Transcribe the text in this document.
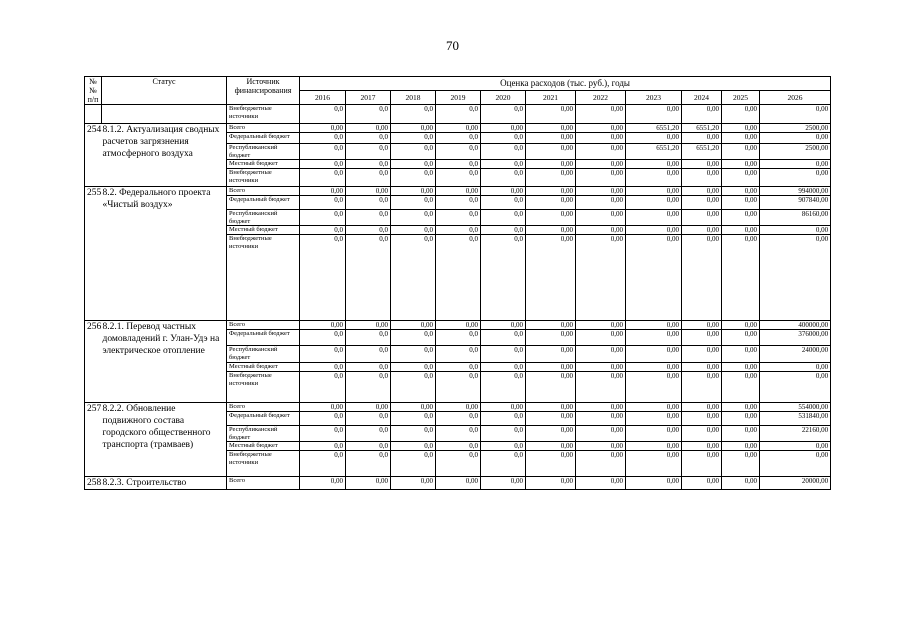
70
№ № п/п	Статус	Источник финансирования	Оценка расходов (тыс. руб.), годы										
			2016	2017	2018	2019	2020	2021	2022	2023	2024	2025	2026
		Внебюджетные источники	0,0	0,0	0,0	0,0	0,0	0,00	0,00	0,00	0,00	0,00	0,00
254	8.1.2. Актуализация сводных расчетов загрязнения атмосферного воздуха	Всего	0,00	0,00	0,00	0,00	0,00	0,00	0,00	6551,20	6551,20	0,00	2500,00
		Федеральный бюджет	0,0	0,0	0,0	0,0	0,0	0,00	0,00	0,00	0,00	0,00	0,00
		Республиканский бюджет	0,0	0,0	0,0	0,0	0,0	0,00	0,00	6551,20	6551,20	0,00	2500,00
		Местный бюджет	0,0	0,0	0,0	0,0	0,0	0,00	0,00	0,00	0,00	0,00	0,00
		Внебюджетные источники	0,0	0,0	0,0	0,0	0,0	0,00	0,00	0,00	0,00	0,00	0,00
255	8.2. Федерального проекта «Чистый воздух»	Всего	0,00	0,00	0,00	0,00	0,00	0,00	0,00	0,00	0,00	0,00	994000,00
		Федеральный бюджет	0,0	0,0	0,0	0,0	0,0	0,00	0,00	0,00	0,00	0,00	907840,00
		Республиканский бюджет	0,0	0,0	0,0	0,0	0,0	0,00	0,00	0,00	0,00	0,00	86160,00
		Местный бюджет	0,0	0,0	0,0	0,0	0,0	0,00	0,00	0,00	0,00	0,00	0,00
		Внебюджетные источники	0,0	0,0	0,0	0,0	0,0	0,00	0,00	0,00	0,00	0,00	0,00
256	8.2.1. Перевод частных домовладений г. Улан-Удэ на электрическое отопление	Всего	0,00	0,00	0,00	0,00	0,00	0,00	0,00	0,00	0,00	0,00	400000,00
		Федеральный бюджет	0,0	0,0	0,0	0,0	0,0	0,00	0,00	0,00	0,00	0,00	376000,00
		Республиканский бюджет	0,0	0,0	0,0	0,0	0,0	0,00	0,00	0,00	0,00	0,00	24000,00
		Местный бюджет	0,0	0,0	0,0	0,0	0,0	0,00	0,00	0,00	0,00	0,00	0,00
		Внебюджетные источники	0,0	0,0	0,0	0,0	0,0	0,00	0,00	0,00	0,00	0,00	0,00
257	8.2.2. Обновление подвижного состава городского общественного транспорта (трамваев)	Всего	0,00	0,00	0,00	0,00	0,00	0,00	0,00	0,00	0,00	0,00	554000,00
		Федеральный бюджет	0,0	0,0	0,0	0,0	0,0	0,00	0,00	0,00	0,00	0,00	531840,00
		Республиканский бюджет	0,0	0,0	0,0	0,0	0,0	0,00	0,00	0,00	0,00	0,00	22160,00
		Местный бюджет	0,0	0,0	0,0	0,0	0,0	0,00	0,00	0,00	0,00	0,00	0,00
		Внебюджетные источники	0,0	0,0	0,0	0,0	0,0	0,00	0,00	0,00	0,00	0,00	0,00
258	8.2.3. Строительство	Всего	0,00	0,00	0,00	0,00	0,00	0,00	0,00	0,00	0,00	0,00	20000,00
